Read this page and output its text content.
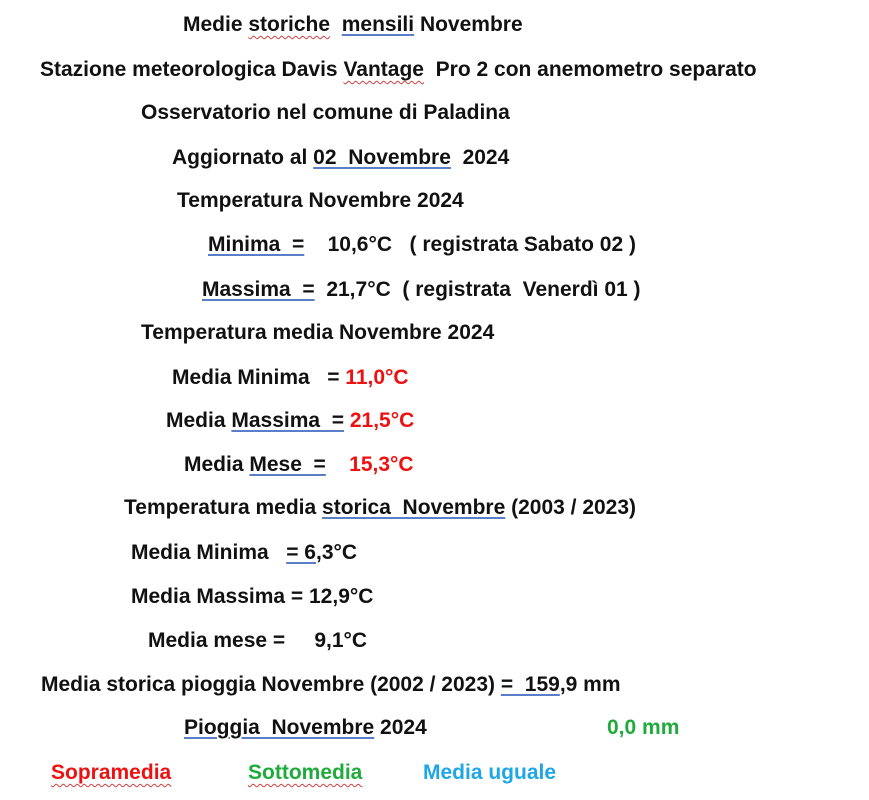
Medie storiche mensili Novembre
Stazione meteorologica Davis Vantage  Pro 2 con anemometro separato
Osservatorio nel comune di Paladina
Aggiornato al 02  Novembre  2024
Temperatura Novembre 2024
Minima  =    10,6°C   ( registrata Sabato 02 )
Massima  =  21,7°C  ( registrata  Venerdì 01 )
Temperatura media Novembre 2024
Media Minima   = 11,0°C
Media Massima  = 21,5°C
Media Mese  =    15,3°C
Temperatura media storica  Novembre (2003 / 2023)
Media Minima   = 6,3°C
Media Massima = 12,9°C
Media mese =     9,1°C
Media storica pioggia Novembre (2002 / 2023) =  159,9 mm
Pioggia  Novembre 2024	0,0 mm
Sopramedia	Sottomedia	Media uguale
